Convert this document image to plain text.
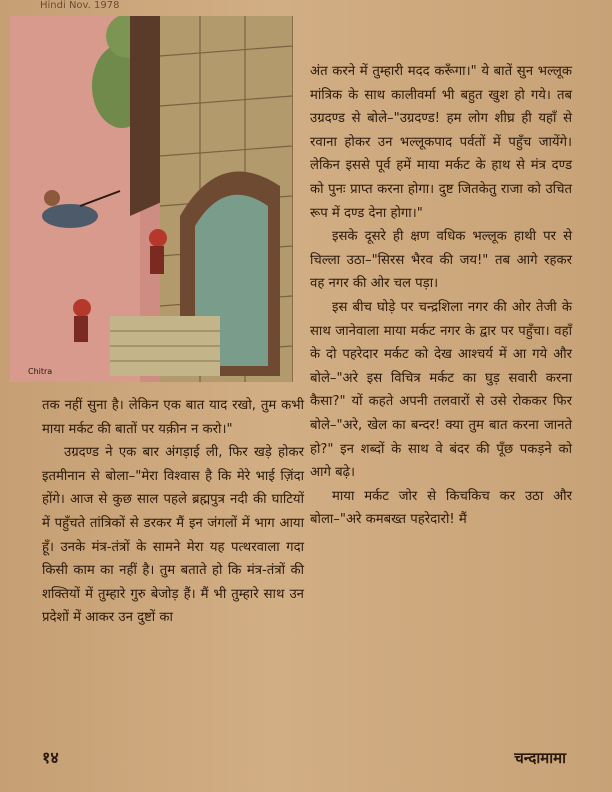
Hindi Nov. 1978
Chitra

अंत करने में तुम्हारी मदद करूँगा।" ये बातें सुन भल्लूक मांत्रिक के साथ कालीवर्मा भी बहुत खुश हो गये। तब उग्रदण्ड से बोले–"उग्रदण्ड! हम लोग शीघ्र ही यहाँ से रवाना होकर उन भल्लूकपाद पर्वतों में पहुँच जायेंगे। लेकिन इससे पूर्व हमें माया मर्कट के हाथ से मंत्र दण्ड को पुनः प्राप्त करना होगा। दुष्ट जितकेतु राजा को उचित रूप में दण्ड देना होगा।"

इसके दूसरे ही क्षण वधिक भल्लूक हाथी पर से चिल्ला उठा–"सिरस भैरव की जय!" तब आगे रहकर वह नगर की ओर चल पड़ा।

इस बीच घोड़े पर चन्द्रशिला नगर की ओर तेजी के साथ जानेवाला माया मर्कट नगर के द्वार पर पहुँचा। वहाँ के दो पहरेदार मर्कट को देख आश्चर्य में आ गये और बोले–"अरे इस विचित्र मर्कट का घुड़ सवारी करना कैसा?" यों कहते अपनी तलवारों से उसे रोककर फिर बोले–"अरे, खेल का बन्दर! क्या तुम बात करना जानते हो?" इन शब्दों के साथ वे बंदर की पूँछ पकड़ने को आगे बढ़े।

माया मर्कट जोर से किचकिच कर उठा और बोला–"अरे कमबख्त पहरेदारो! मैं

तक नहीं सुना है। लेकिन एक बात याद रखो, तुम कभी माया मर्कट की बातों पर यक़ीन न करो।"

उग्रदण्ड ने एक बार अंगड़ाई ली, फिर खड़े होकर इतमीनान से बोला–"मेरा विश्वास है कि मेरे भाई ज़िंदा होंगे। आज से कुछ साल पहले ब्रह्मपुत्र नदी की घाटियों में पहुँचते तांत्रिकों से डरकर मैं इन जंगलों में भाग आया हूँ। उनके मंत्र-तंत्रों के सामने मेरा यह पत्थरवाला गदा किसी काम का नहीं है। तुम बताते हो कि मंत्र-तंत्रों की शक्तियों में तुम्हारे गुरु बेजोड़ हैं। मैं भी तुम्हारे साथ उन प्रदेशों में आकर उन दुष्टों का

१४	चन्दामामा
